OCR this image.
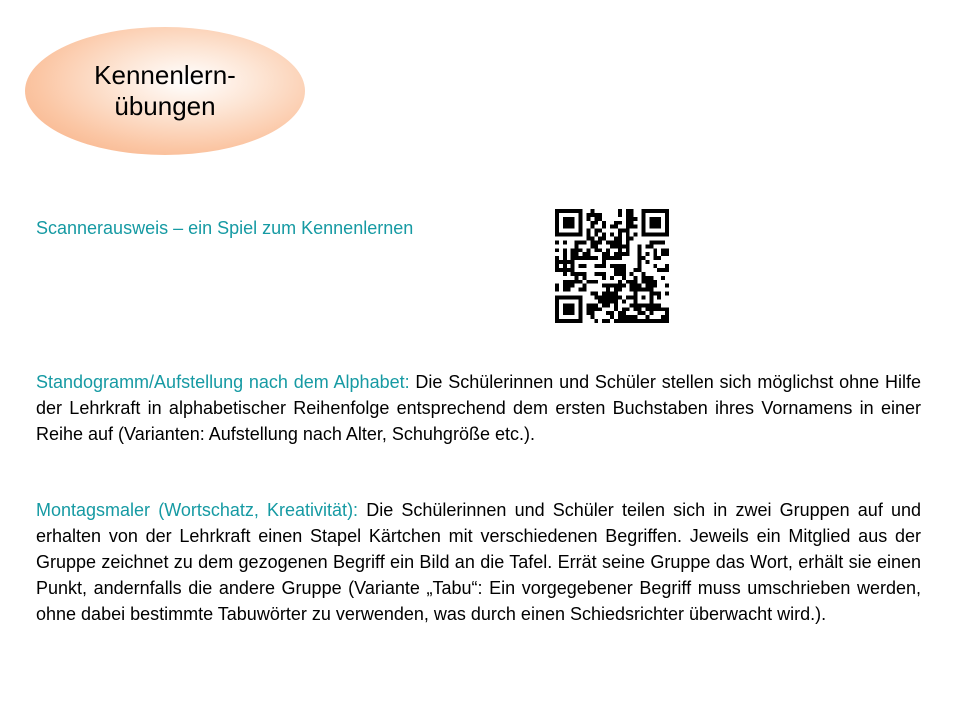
Kennenlern-
übungen
Scannerausweis – ein Spiel zum Kennenlernen
Standogramm/Aufstellung nach dem Alphabet: Die Schülerinnen und Schüler stellen sich möglichst ohne Hilfe der Lehrkraft in alphabetischer Reihenfolge entsprechend dem ersten Buchstaben ihres Vornamens in einer Reihe auf (Varianten: Aufstellung nach Alter, Schuhgröße etc.).
Montagsmaler (Wortschatz, Kreativität): Die Schülerinnen und Schüler teilen sich in zwei Gruppen auf und erhalten von der Lehrkraft einen Stapel Kärtchen mit verschiedenen Begriffen. Jeweils ein Mitglied aus der Gruppe zeichnet zu dem gezogenen Begriff ein Bild an die Tafel. Errät seine Gruppe das Wort, erhält sie einen Punkt, andernfalls die andere Gruppe (Variante „Tabu“: Ein vorgegebener Begriff muss umschrieben werden, ohne dabei bestimmte Tabuwörter zu verwenden, was durch einen Schiedsrichter überwacht wird.).
